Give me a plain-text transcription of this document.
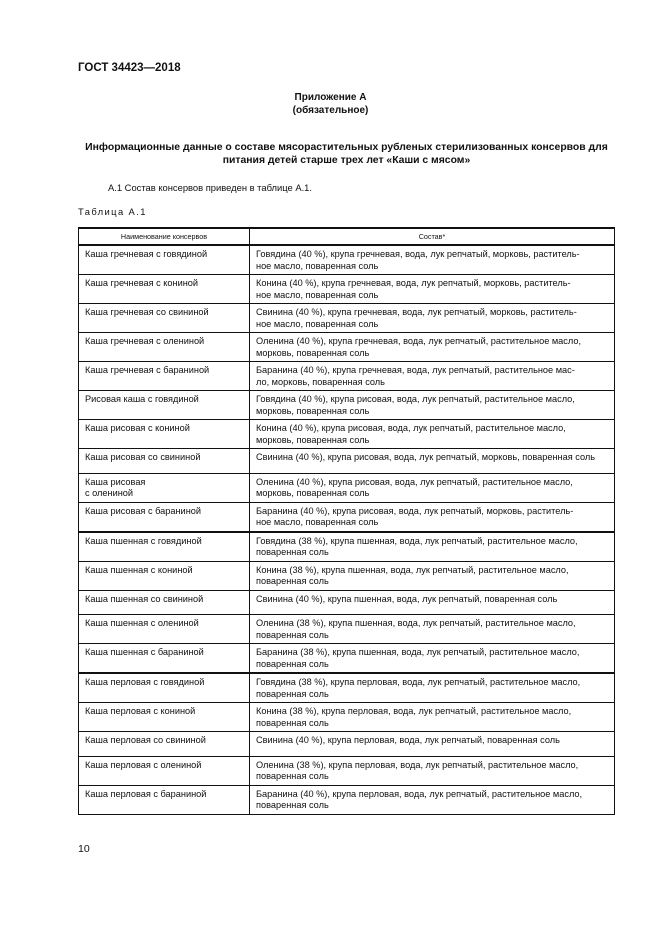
ГОСТ 34423—2018
Приложение А
(обязательное)
Информационные данные о составе мясорастительных рубленых стерилизованных консервов для питания детей старше трех лет «Каши с мясом»
А.1 Состав консервов приведен в таблице А.1.
Таблица А.1
Наименование консервов	Состав*
Каша гречневая с говядиной	Говядина (40 %), крупа гречневая, вода, лук репчатый, морковь, раститель-
ное масло, поваренная соль
Каша гречневая с кониной	Конина (40 %), крупа гречневая, вода, лук репчатый, морковь, раститель-
ное масло, поваренная соль
Каша гречневая со свининой	Свинина (40 %), крупа гречневая, вода, лук репчатый, морковь, раститель-
ное масло, поваренная соль
Каша гречневая с олениной	Оленина (40 %), крупа гречневая, вода, лук репчатый, растительное масло,
морковь, поваренная соль
Каша гречневая с бараниной	Баранина (40 %), крупа гречневая, вода, лук репчатый, растительное мас-
ло, морковь, поваренная соль
Рисовая каша с говядиной	Говядина (40 %), крупа рисовая, вода, лук репчатый, растительное масло,
морковь, поваренная соль
Каша рисовая с кониной	Конина (40 %), крупа рисовая, вода, лук репчатый, растительное масло,
морковь, поваренная соль
Каша рисовая со свининой	Свинина (40 %), крупа рисовая, вода, лук репчатый, морковь, поваренная соль
Каша рисовая
с олениной	Оленина (40 %), крупа рисовая, вода, лук репчатый, растительное масло,
морковь, поваренная соль
Каша рисовая с бараниной	Баранина (40 %), крупа рисовая, вода, лук репчатый, морковь, раститель-
ное масло, поваренная соль
Каша пшенная с говядиной	Говядина (38 %), крупа пшенная, вода, лук репчатый, растительное масло,
поваренная соль
Каша пшенная с кониной	Конина (38 %), крупа пшенная, вода, лук репчатый, растительное масло,
поваренная соль
Каша пшенная со свининой	Свинина (40 %), крупа пшенная, вода, лук репчатый, поваренная соль
Каша пшенная с олениной	Оленина (38 %), крупа пшенная, вода, лук репчатый, растительное масло,
поваренная соль
Каша пшенная с бараниной	Баранина (38 %), крупа пшенная, вода, лук репчатый, растительное масло,
поваренная соль
Каша перловая с говядиной	Говядина (38 %), крупа перловая, вода, лук репчатый, растительное масло,
поваренная соль
Каша перловая с кониной	Конина (38 %), крупа перловая, вода, лук репчатый, растительное масло,
поваренная соль
Каша перловая со свининой	Свинина (40 %), крупа перловая, вода, лук репчатый, поваренная соль
Каша перловая с олениной	Оленина (38 %), крупа перловая, вода, лук репчатый, растительное масло,
поваренная соль
Каша перловая с бараниной	Баранина (40 %), крупа перловая, вода, лук репчатый, растительное масло,
поваренная соль
10
